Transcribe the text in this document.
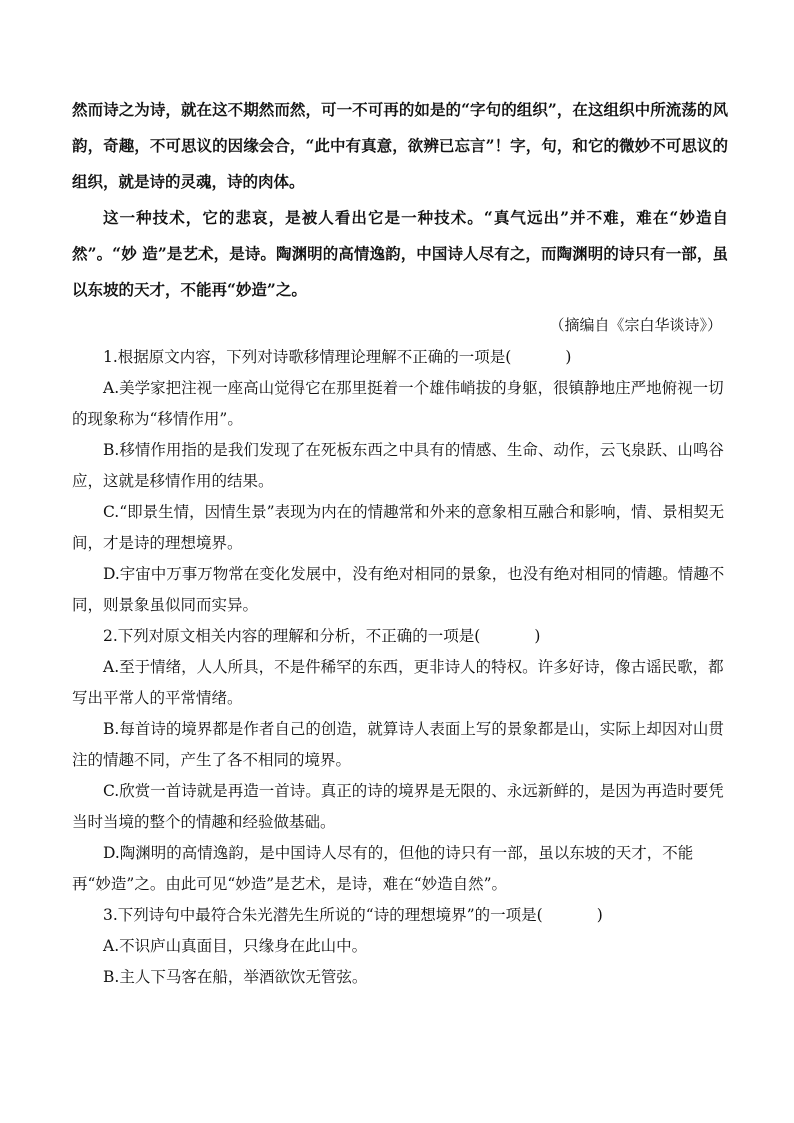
然而诗之为诗，就在这不期然而然，可一不可再的如是的“字句的组织”，在这组织中所流荡的风韵，奇趣，不可思议的因缘会合，“此中有真意，欲辨已忘言”！字，句，和它的微妙不可思议的组织，就是诗的灵魂，诗的肉体。

这一种技术，它的悲哀，是被人看出它是一种技术。“真气远出”并不难，难在“妙造自然”。“妙 造”是艺术，是诗。陶渊明的高情逸韵，中国诗人尽有之，而陶渊明的诗只有一部，虽以东坡的天才，不能再“妙造”之。

（摘编自《宗白华谈诗》）

1.根据原文内容，下列对诗歌移情理论理解不正确的一项是(	)

A.美学家把注视一座高山觉得它在那里挺着一个雄伟峭拔的身躯，很镇静地庄严地俯视一切的现象称为“移情作用”。

B.移情作用指的是我们发现了在死板东西之中具有的情感、生命、动作，云飞泉跃、山鸣谷应，这就是移情作用的结果。

C.“即景生情，因情生景”表现为内在的情趣常和外来的意象相互融合和影响，情、景相契无间，才是诗的理想境界。

D.宇宙中万事万物常在变化发展中，没有绝对相同的景象，也没有绝对相同的情趣。情趣不同，则景象虽似同而实异。

2.下列对原文相关内容的理解和分析，不正确的一项是(	)

A.至于情绪，人人所具，不是件稀罕的东西，更非诗人的特权。许多好诗，像古谣民歌，都写出平常人的平常情绪。

B.每首诗的境界都是作者自己的创造，就算诗人表面上写的景象都是山，实际上却因对山贯注的情趣不同，产生了各不相同的境界。

C.欣赏一首诗就是再造一首诗。真正的诗的境界是无限的、永远新鲜的，是因为再造时要凭当时当境的整个的情趣和经验做基础。

D.陶渊明的高情逸韵，是中国诗人尽有的，但他的诗只有一部，虽以东坡的天才，不能再“妙造”之。由此可见“妙造”是艺术，是诗，难在“妙造自然”。

3.下列诗句中最符合朱光潜先生所说的“诗的理想境界”的一项是(	)

A.不识庐山真面目，只缘身在此山中。

B.主人下马客在船，举酒欲饮无管弦。
